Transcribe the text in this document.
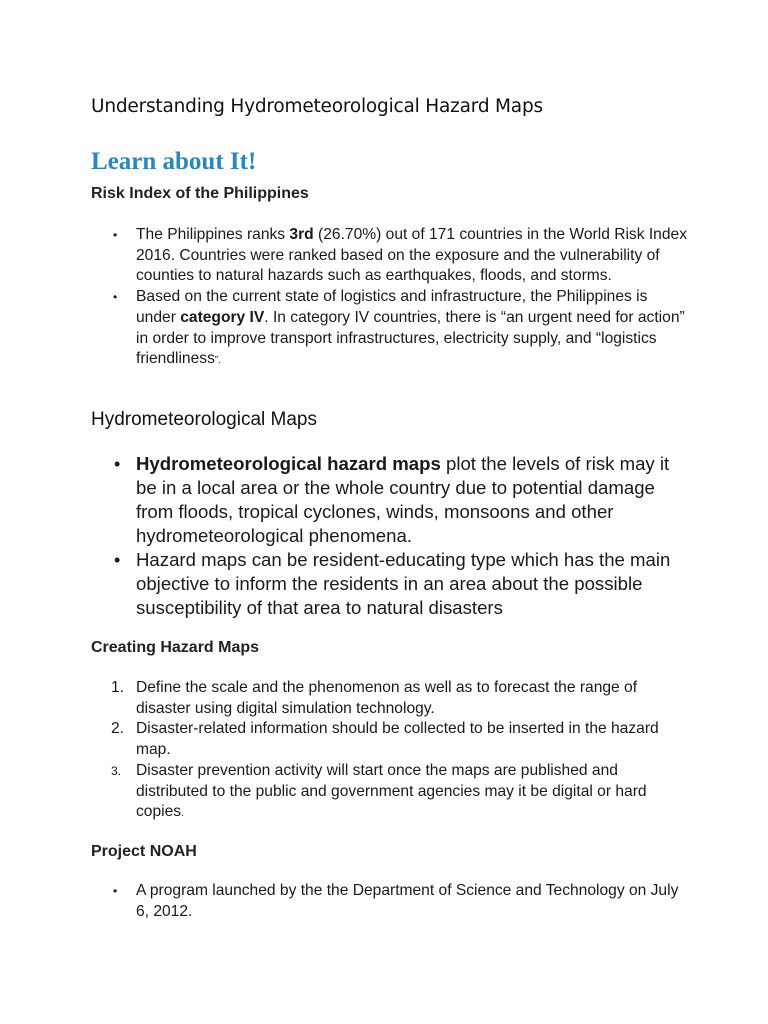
Understanding Hydrometeorological Hazard Maps
Learn about It!
Risk Index of the Philippines
• The Philippines ranks 3rd (26.70%) out of 171 countries in the World Risk Index 2016. Countries were ranked based on the exposure and the vulnerability of counties to natural hazards such as earthquakes, floods, and storms.
• Based on the current state of logistics and infrastructure, the Philippines is under category IV. In category IV countries, there is “an urgent need for action” in order to improve transport infrastructures, electricity supply, and “logistics friendliness”.
Hydrometeorological Maps
• Hydrometeorological hazard maps plot the levels of risk may it be in a local area or the whole country due to potential damage from floods, tropical cyclones, winds, monsoons and other hydrometeorological phenomena.
• Hazard maps can be resident-educating type which has the main objective to inform the residents in an area about the possible susceptibility of that area to natural disasters
Creating Hazard Maps
1. Define the scale and the phenomenon as well as to forecast the range of disaster using digital simulation technology.
2. Disaster-related information should be collected to be inserted in the hazard map.
3. Disaster prevention activity will start once the maps are published and distributed to the public and government agencies may it be digital or hard copies.
Project NOAH
• A program launched by the the Department of Science and Technology on July 6, 2012.
